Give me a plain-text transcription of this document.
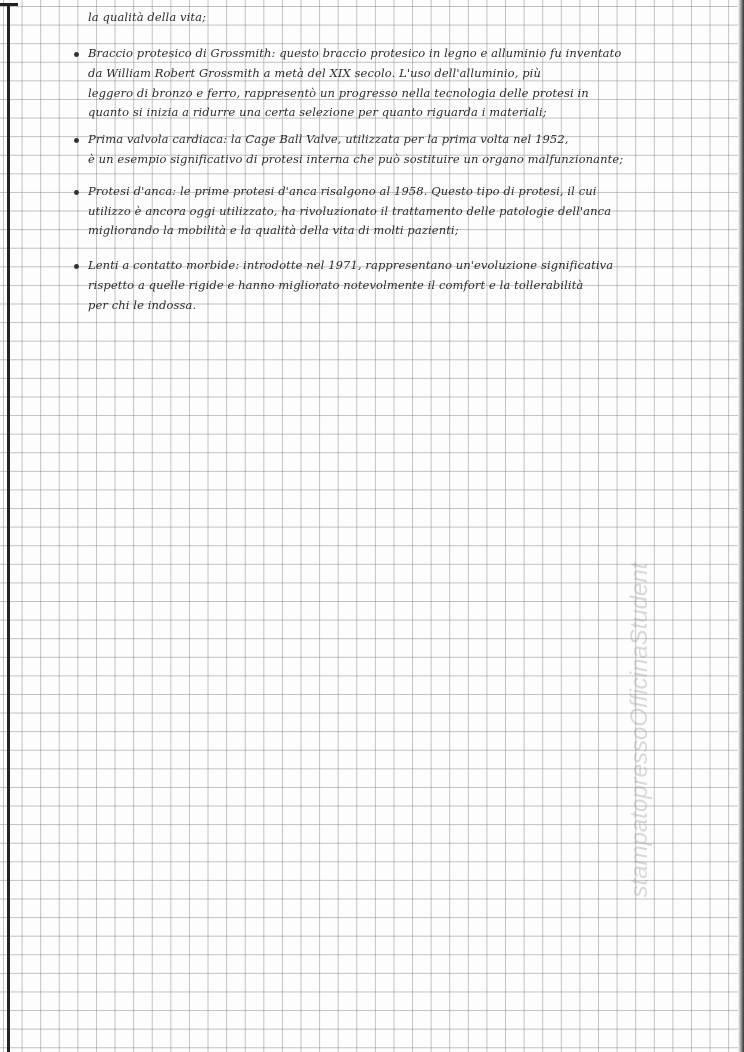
la qualità della vita;
Braccio protesico di Grossmith: questo braccio protesico in legno e alluminio fu inventato
da William Robert Grossmith a metà del XIX secolo. L'uso dell'alluminio, più
leggero di bronzo e ferro, rappresentò un progresso nella tecnologia delle protesi in
quanto si inizia a ridurre una certa selezione per quanto riguarda i materiali;
Prima valvola cardiaca: la Cage Ball Valve, utilizzata per la prima volta nel 1952,
è un esempio significativo di protesi interna che può sostituire un organo malfunzionante;
Protesi d'anca: le prime protesi d'anca risalgono al 1958. Questo tipo di protesi, il cui
utilizzo è ancora oggi utilizzato, ha rivoluzionato il trattamento delle patologie dell'anca
migliorando la mobilità e la qualità della vita di molti pazienti;
Lenti a contatto morbide: introdotte nel 1971, rappresentano un'evoluzione significativa
rispetto a quelle rigide e hanno migliorato notevolmente il comfort e la tollerabilità
per chi le indossa.
stampatopressoOfficinaStudent
